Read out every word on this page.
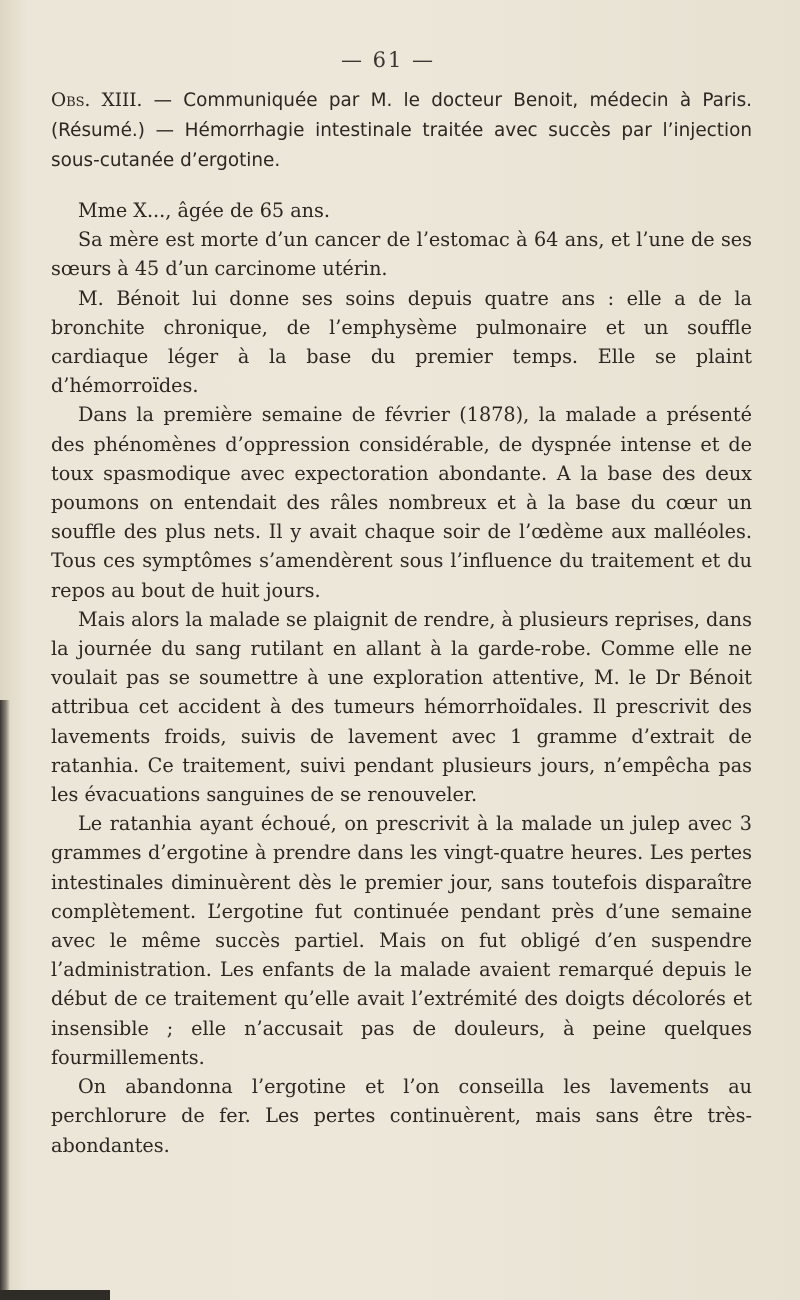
— 61 —

Obs. XIII. — Communiquée par M. le docteur Benoit, médecin à Paris. (Résumé.) — Hémorrhagie intestinale traitée avec succès par l’injection sous-cutanée d’ergotine.

Mme X..., âgée de 65 ans.

Sa mère est morte d’un cancer de l’estomac à 64 ans, et l’une de ses sœurs à 45 d’un carcinome utérin.

M. Bénoit lui donne ses soins depuis quatre ans : elle a de la bronchite chronique, de l’emphysème pulmonaire et un souffle cardiaque léger à la base du premier temps. Elle se plaint d’hémorroïdes.

Dans la première semaine de février (1878), la malade a présenté des phénomènes d’oppression considérable, de dyspnée intense et de toux spasmodique avec expectoration abondante. A la base des deux poumons on entendait des râles nombreux et à la base du cœur un souffle des plus nets. Il y avait chaque soir de l’œdème aux malléoles. Tous ces symptômes s’amendèrent sous l’influence du traitement et du repos au bout de huit jours.

Mais alors la malade se plaignit de rendre, à plusieurs reprises, dans la journée du sang rutilant en allant à la garde-robe. Comme elle ne voulait pas se soumettre à une exploration attentive, M. le Dr Bénoit attribua cet accident à des tumeurs hémorrhoïdales. Il prescrivit des lavements froids, suivis de lavement avec 1 gramme d’extrait de ratanhia. Ce traitement, suivi pendant plusieurs jours, n’empêcha pas les évacuations sanguines de se renouveler.

Le ratanhia ayant échoué, on prescrivit à la malade un julep avec 3 grammes d’ergotine à prendre dans les vingt-quatre heures. Les pertes intestinales diminuèrent dès le premier jour, sans toutefois disparaître complètement. L’ergotine fut continuée pendant près d’une semaine avec le même succès partiel. Mais on fut obligé d’en suspendre l’administration. Les enfants de la malade avaient remarqué depuis le début de ce traitement qu’elle avait l’extrémité des doigts décolorés et insensible ; elle n’accusait pas de douleurs, à peine quelques fourmillements.

On abandonna l’ergotine et l’on conseilla les lavements au perchlorure de fer. Les pertes continuèrent, mais sans être très-abondantes.
